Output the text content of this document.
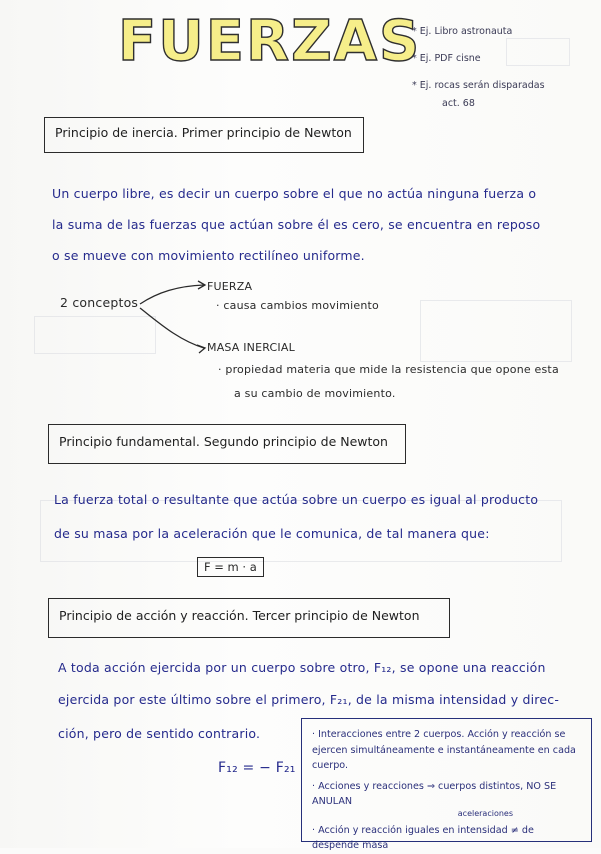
FUERZAS
* Ej. Libro astronauta
* Ej. PDF cisne
* Ej. rocas serán disparadas
act. 68
Principio de inercia. Primer principio de Newton
Un cuerpo libre, es decir un cuerpo sobre el que no actúa ninguna fuerza o
la suma de las fuerzas que actúan sobre él es cero, se encuentra en reposo
o se mueve con movimiento rectilíneo uniforme.
2 conceptos
FUERZA
· causa cambios movimiento
MASA INERCIAL
· propiedad materia que mide la resistencia que opone esta
a su cambio de movimiento.
Principio fundamental. Segundo principio de Newton
La fuerza total o resultante que actúa sobre un cuerpo es igual al producto
de su masa por la aceleración que le comunica, de tal manera que:
F = m · a
Principio de acción y reacción. Tercer principio de Newton
A toda acción ejercida por un cuerpo sobre otro, F₁₂, se opone una reacción
ejercida por este último sobre el primero, F₂₁, de la misma intensidad y direc-
ción, pero de sentido contrario.
F₁₂ = − F₂₁

· Interacciones entre 2 cuerpos. Acción y reacción se ejercen simultáneamente e instantáneamente en cada cuerpo.

· Acciones y reacciones ⇒ cuerpos distintos, NO SE ANULAN

$^{aceleraciones}$

· Acción y reacción iguales en intensidad ≠ de despende masa
